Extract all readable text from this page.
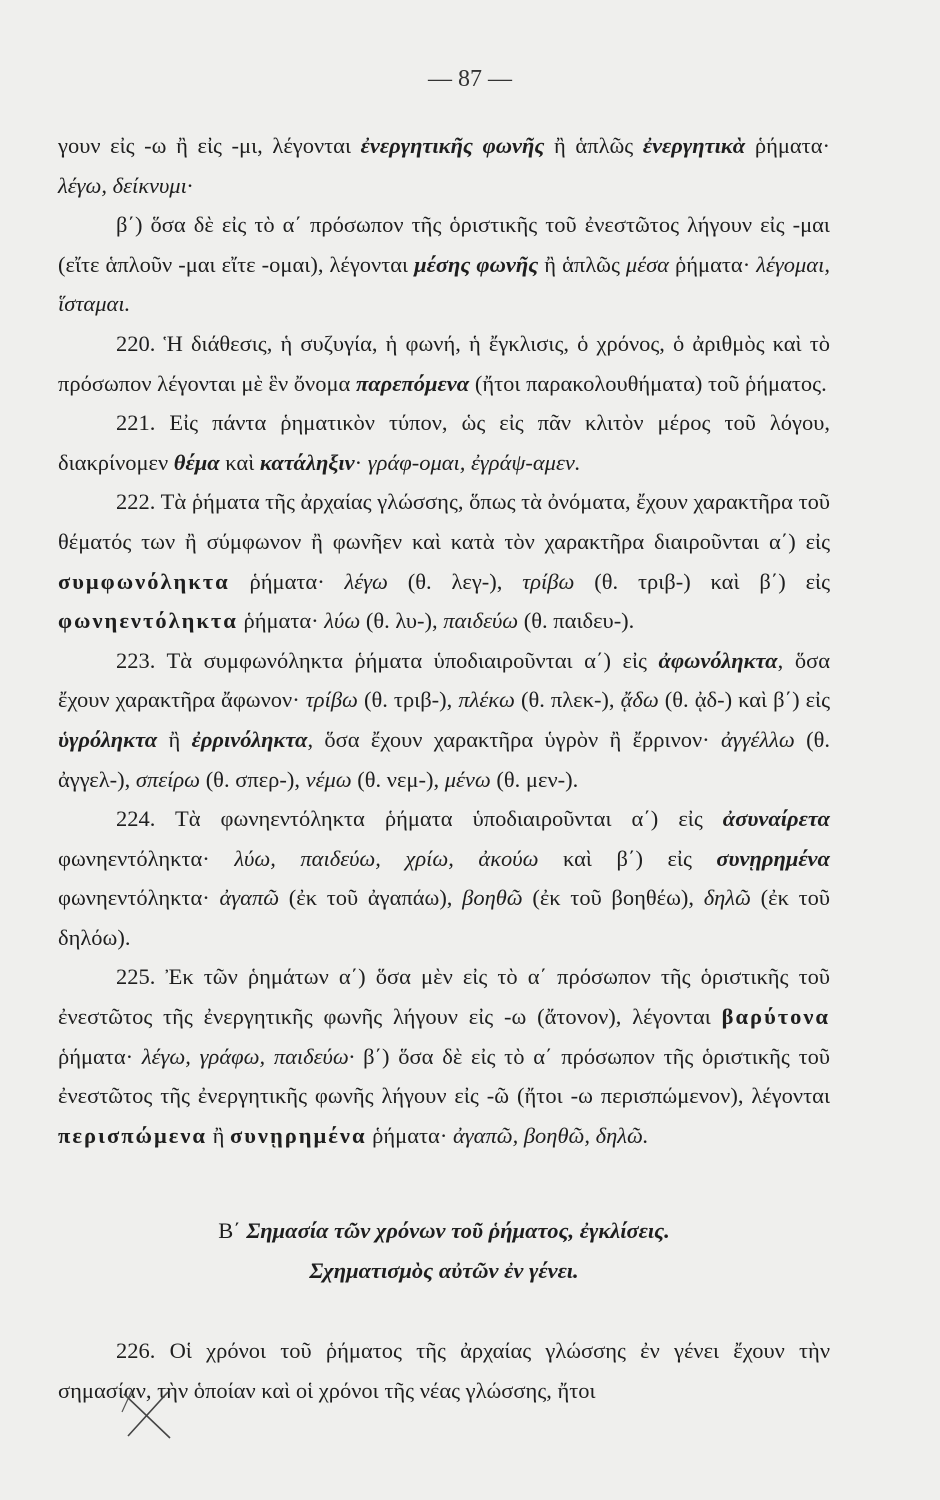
— 87 —

γουν εἰς -ω ἢ εἰς -μι, λέγονται ἐνεργητικῆς φωνῆς ἢ ἁπλῶς ἐνεργητικὰ ῥήματα· λέγω, δείκνυμι·

β΄) ὅσα δὲ εἰς τὸ α΄ πρόσωπον τῆς ὁριστικῆς τοῦ ἐνεστῶτος λήγουν εἰς -μαι (εἴτε ἁπλοῦν -μαι εἴτε -ομαι), λέγονται μέσης φωνῆς ἢ ἁπλῶς μέσα ῥήματα· λέγομαι, ἵσταμαι.

220. Ἡ διάθεσις, ἡ συζυγία, ἡ φωνή, ἡ ἔγκλισις, ὁ χρόνος, ὁ ἀριθμὸς καὶ τὸ πρόσωπον λέγονται μὲ ἓν ὄνομα παρεπόμενα (ἤτοι παρακολουθήματα) τοῦ ῥήματος.

221. Εἰς πάντα ῥηματικὸν τύπον, ὡς εἰς πᾶν κλιτὸν μέρος τοῦ λόγου, διακρίνομεν θέμα καὶ κατάληξιν· γράφ-ομαι, ἐγράψ-αμεν.

222. Τὰ ῥήματα τῆς ἀρχαίας γλώσσης, ὅπως τὰ ὀνόματα, ἔχουν χαρακτῆρα τοῦ θέματός των ἢ σύμφωνον ἢ φωνῆεν καὶ κατὰ τὸν χαρακτῆρα διαιροῦνται α΄) εἰς συμφωνόληκτα ῥήματα· λέγω (θ. λεγ-), τρίβω (θ. τριβ-) καὶ β΄) εἰς φωνηεντόληκτα ῥήματα· λύω (θ. λυ-), παιδεύω (θ. παιδευ-).

223. Τὰ συμφωνόληκτα ῥήματα ὑποδιαιροῦνται α΄) εἰς ἀφωνόληκτα, ὅσα ἔχουν χαρακτῆρα ἄφωνον· τρίβω (θ. τριβ-), πλέκω (θ. πλεκ-), ᾄδω (θ. ᾀδ-) καὶ β΄) εἰς ὑγρόληκτα ἢ ἐρρινόληκτα, ὅσα ἔχουν χαρακτῆρα ὑγρὸν ἢ ἔρρινον· ἀγγέλλω (θ. ἀγγελ-), σπείρω (θ. σπερ-), νέμω (θ. νεμ-), μένω (θ. μεν-).

224. Τὰ φωνηεντόληκτα ῥήματα ὑποδιαιροῦνται α΄) εἰς ἀσυναίρετα φωνηεντόληκτα· λύω, παιδεύω, χρίω, ἀκούω καὶ β΄) εἰς συνῃρημένα φωνηεντόληκτα· ἀγαπῶ (ἐκ τοῦ ἀγαπάω), βοηθῶ (ἐκ τοῦ βοηθέω), δηλῶ (ἐκ τοῦ δηλόω).

225. Ἐκ τῶν ῥημάτων α΄) ὅσα μὲν εἰς τὸ α΄ πρόσωπον τῆς ὁριστικῆς τοῦ ἐνεστῶτος τῆς ἐνεργητικῆς φωνῆς λήγουν εἰς -ω (ἄτονον), λέγονται βαρύτονα ῥήματα· λέγω, γράφω, παιδεύω· β΄) ὅσα δὲ εἰς τὸ α΄ πρόσωπον τῆς ὁριστικῆς τοῦ ἐνεστῶτος τῆς ἐνεργητικῆς φωνῆς λήγουν εἰς -ῶ (ἤτοι -ω περισπώμενον), λέγονται περισπώμενα ἢ συνῃρημένα ῥήματα· ἀγαπῶ, βοηθῶ, δηλῶ.

Β΄ Σημασία τῶν χρόνων τοῦ ῥήματος, ἐγκλίσεις.
Σχηματισμὸς αὐτῶν ἐν γένει.

226. Οἱ χρόνοι τοῦ ῥήματος τῆς ἀρχαίας γλώσσης ἐν γένει ἔχουν τὴν σημασίαν, τὴν ὁποίαν καὶ οἱ χρόνοι τῆς νέας γλώσσης, ἤτοι
